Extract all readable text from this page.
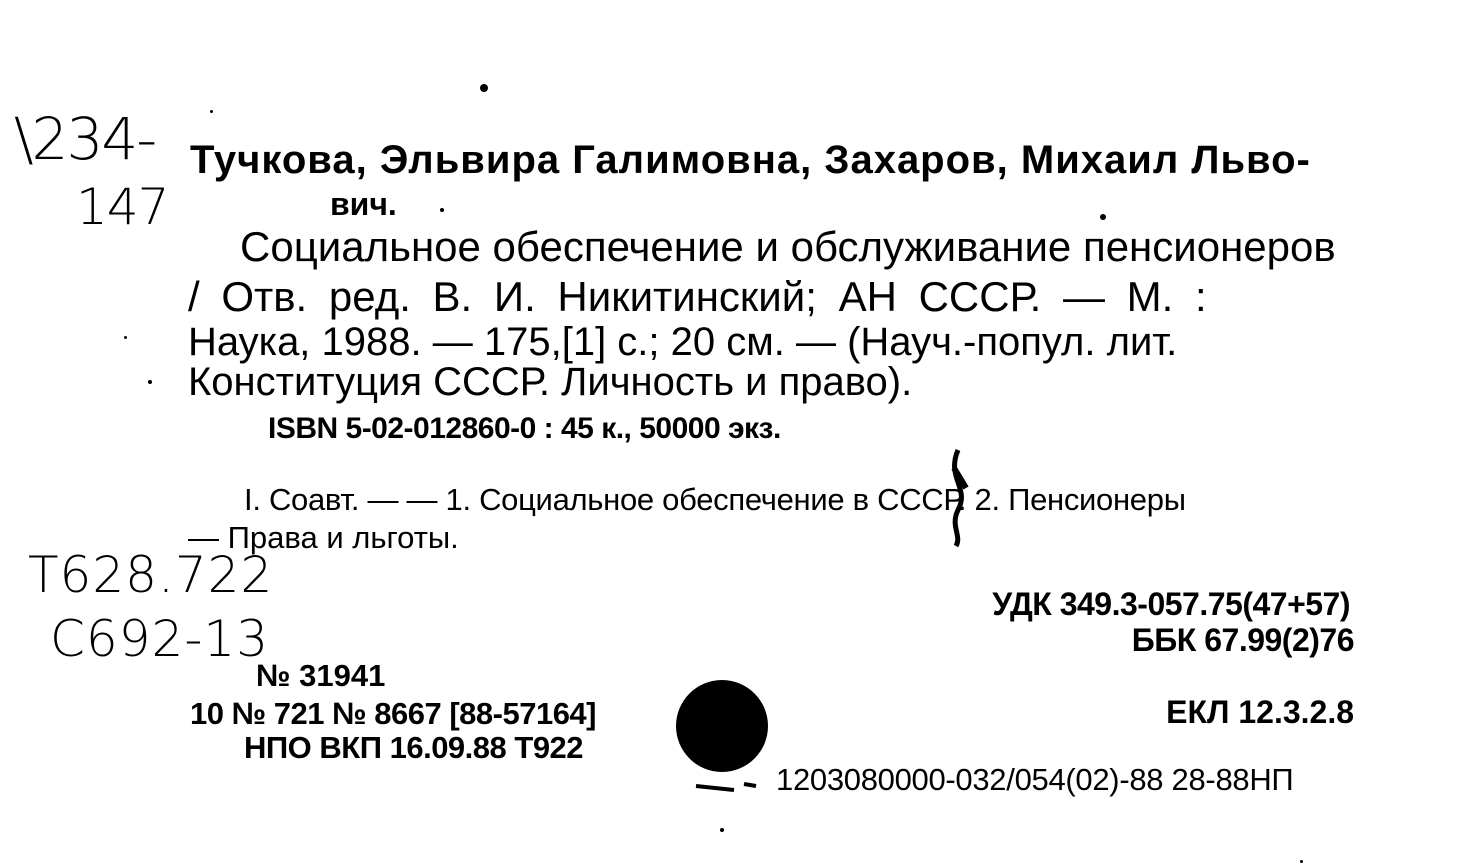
\234-
147
T628.722
C692-13
Тучкова, Эльвира Галимовна, Захаров, Михаил Льво-
вич.
Социальное обеспечение и обслуживание пенсионеров
/ Отв. ред. В. И. Никитинский; АН СССР. — М. :
Наука, 1988. — 175,[1] с.; 20 см. — (Науч.-попул. лит.
Конституция СССР. Личность и право).
ISBN 5-02-012860-0 : 45 к., 50000 экз.
I. Соавт. — — 1. Социальное обеспечение в СССР. 2. Пенсионеры
— Права и льготы.
УДК 349.3-057.75(47+57)
ББК 67.99(2)76
№ 31941
10 № 721 № 8667 [88-57164]
НПО ВКП 16.09.88 Т922
ЕКЛ 12.3.2.8
1203080000-032/054(02)-88 28-88НП
